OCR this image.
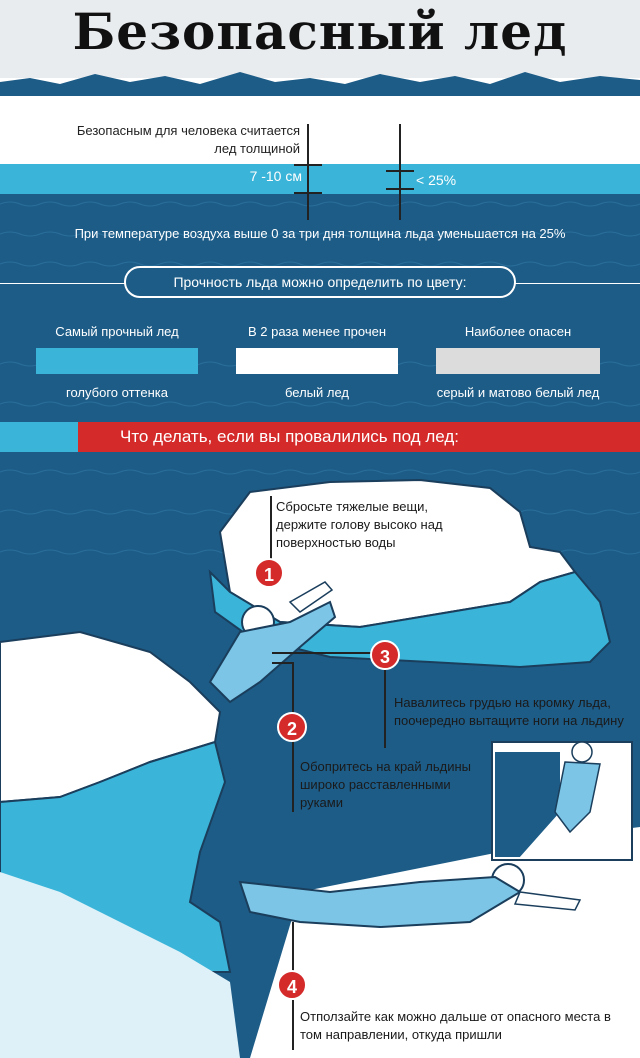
Безопасный лед
Безопасным для человека считается лед толщиной
7 -10 см	< 25%
При температуре воздуха выше 0 за три дня толщина льда уменьшается на 25%
Прочность льда можно определить по цвету:
Самый прочный лед
голубого оттенка
В 2 раза менее прочен
белый лед
Наиболее опасен
серый и матово белый лед
Что делать, если вы провалились под лед:
Сбросьте тяжелые вещи, держите голову высоко над поверхностью воды
1
3
Навалитесь грудью на кромку льда, поочередно вытащите ноги на льдину
2
Обопритесь на край льдины широко расставленными руками
4
Отползайте как можно дальше от опасного места в том направлении, откуда пришли
